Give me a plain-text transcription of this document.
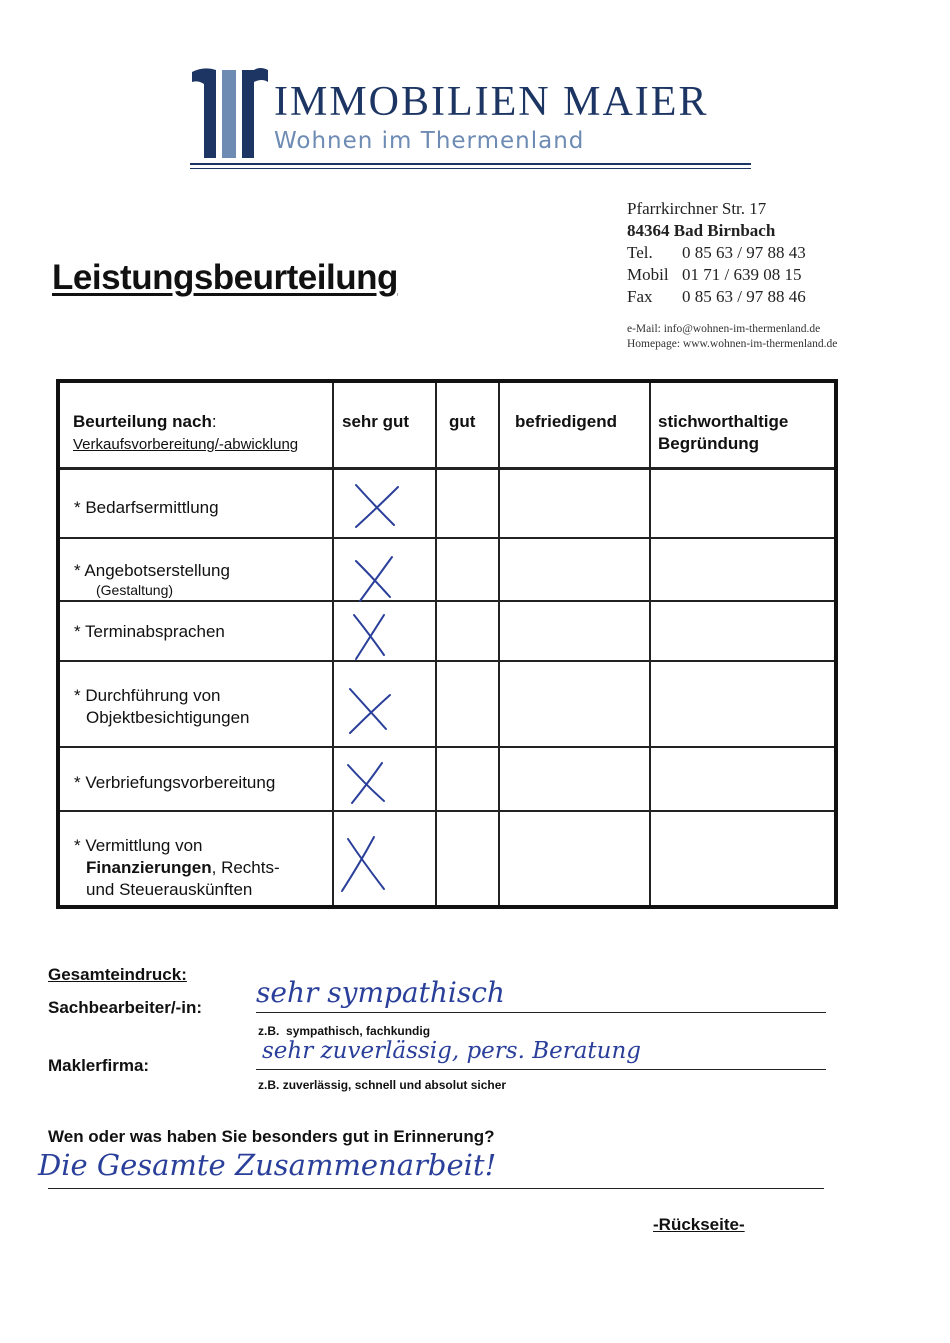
IMMOBILIEN MAIER
Wohnen im Thermenland
Leistungsbeurteilung
Pfarrkirchner Str. 17
84364 Bad Birnbach
Tel. 0 85 63 / 97 88 43
Mobil 01 71 / 639 08 15
Fax 0 85 63 / 97 88 46
e-Mail: info@wohnen-im-thermenland.de
Homepage: www.wohnen-im-thermenland.de
Beurteilung nach:
Verkaufsvorbereitung/-abwicklung
sehr gut gut befriedigend stichworthaltige
Begründung
* Bedarfsermittlung
* Angebotserstellung
(Gestaltung)
* Terminabsprachen
* Durchführung von
Objektbesichtigungen
* Verbriefungsvorbereitung
* Vermittlung von
Finanzierungen, Rechts-
und Steuerauskünften
Gesamteindruck:
Sachbearbeiter/-in: sehr sympathisch
z.B. sympathisch, fachkundig
Maklerfirma:
sehr zuverlässig, pers. Beratung
z.B. zuverlässig, schnell und absolut sicher
Wen oder was haben Sie besonders gut in Erinnerung?
Die Gesamte Zusammenarbeit!
-Rückseite-
